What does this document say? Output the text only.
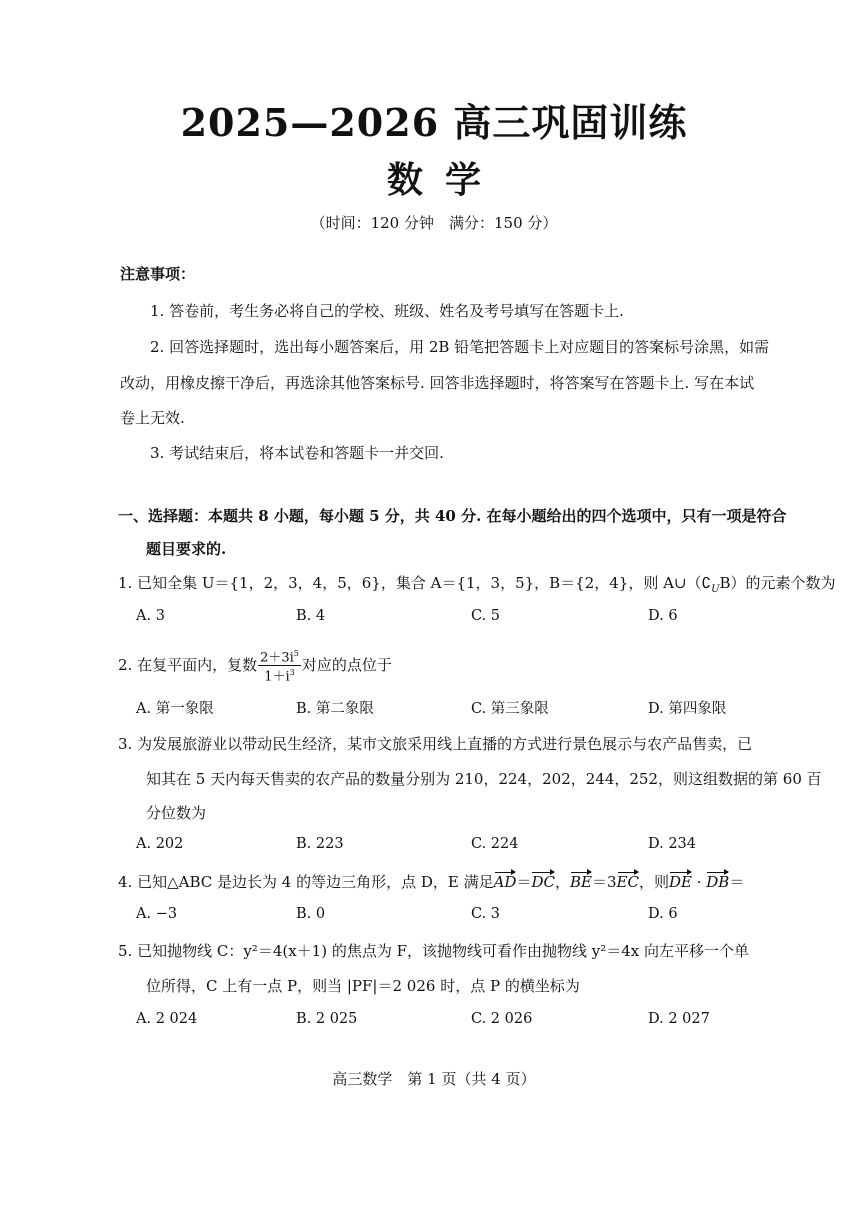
2025—2026 高三巩固训练
数学
（时间：120 分钟　满分：150 分）
注意事项：
1. 答卷前，考生务必将自己的学校、班级、姓名及考号填写在答题卡上.
2. 回答选择题时，选出每小题答案后，用 2B 铅笔把答题卡上对应题目的答案标号涂黑，如需
改动，用橡皮擦干净后，再选涂其他答案标号. 回答非选择题时，将答案写在答题卡上. 写在本试
卷上无效.
3. 考试结束后，将本试卷和答题卡一并交回.
一、选择题：本题共 8 小题，每小题 5 分，共 40 分. 在每小题给出的四个选项中，只有一项是符合
题目要求的.
1. 已知全集 U＝{1，2，3，4，5，6}，集合 A＝{1，3，5}，B＝{2，4}，则 $A\cup(∁_UB)$的元素个数为
A. 3	B. 4	C. 5	D. 6
2. 在复平面内，复数 $\frac{2+3i^5}{1+i^3}$ 对应的点位于
A. 第一象限	B. 第二象限	C. 第三象限	D. 第四象限
3. 为发展旅游业以带动民生经济，某市文旅采用线上直播的方式进行景色展示与农产品售卖，已
知其在 5 天内每天售卖的农产品的数量分别为 210，224，202，244，252，则这组数据的第 60 百
分位数为
A. 202	B. 223	C. 224	D. 234
4. 已知△ABC 是边长为 4 的等边三角形，点 D，E 满足AD＝DC，BE＝3EC，则DE · DB＝
A. −3	B. 0	C. 3	D. 6
5. 已知抛物线 C：y²＝4(x＋1) 的焦点为 F，该抛物线可看作由抛物线 y²＝4x 向左平移一个单
位所得，C 上有一点 P，则当 |PF|＝2 026 时，点 P 的横坐标为
A. 2 024	B. 2 025	C. 2 026	D. 2 027
高三数学　第 1 页（共 4 页）
